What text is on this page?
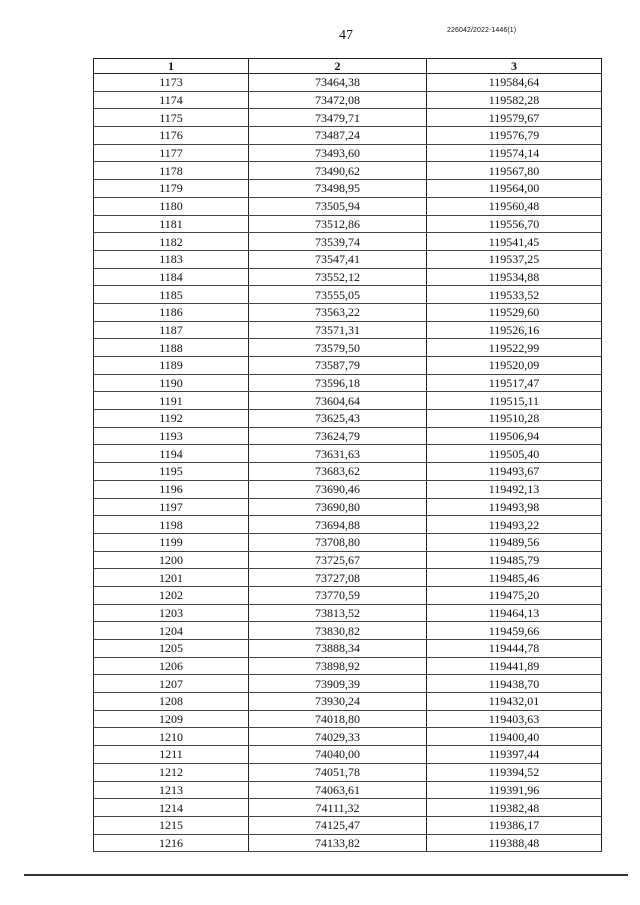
47	226042/2022-1446(1)
1	2	3
1173	73464,38	119584,64
1174	73472,08	119582,28
1175	73479,71	119579,67
1176	73487,24	119576,79
1177	73493,60	119574,14
1178	73490,62	119567,80
1179	73498,95	119564,00
1180	73505,94	119560,48
1181	73512,86	119556,70
1182	73539,74	119541,45
1183	73547,41	119537,25
1184	73552,12	119534,88
1185	73555,05	119533,52
1186	73563,22	119529,60
1187	73571,31	119526,16
1188	73579,50	119522,99
1189	73587,79	119520,09
1190	73596,18	119517,47
1191	73604,64	119515,11
1192	73625,43	119510,28
1193	73624,79	119506,94
1194	73631,63	119505,40
1195	73683,62	119493,67
1196	73690,46	119492,13
1197	73690,80	119493,98
1198	73694,88	119493,22
1199	73708,80	119489,56
1200	73725,67	119485,79
1201	73727,08	119485,46
1202	73770,59	119475,20
1203	73813,52	119464,13
1204	73830,82	119459,66
1205	73888,34	119444,78
1206	73898,92	119441,89
1207	73909,39	119438,70
1208	73930,24	119432,01
1209	74018,80	119403,63
1210	74029,33	119400,40
1211	74040,00	119397,44
1212	74051,78	119394,52
1213	74063,61	119391,96
1214	74111,32	119382,48
1215	74125,47	119386,17
1216	74133,82	119388,48
